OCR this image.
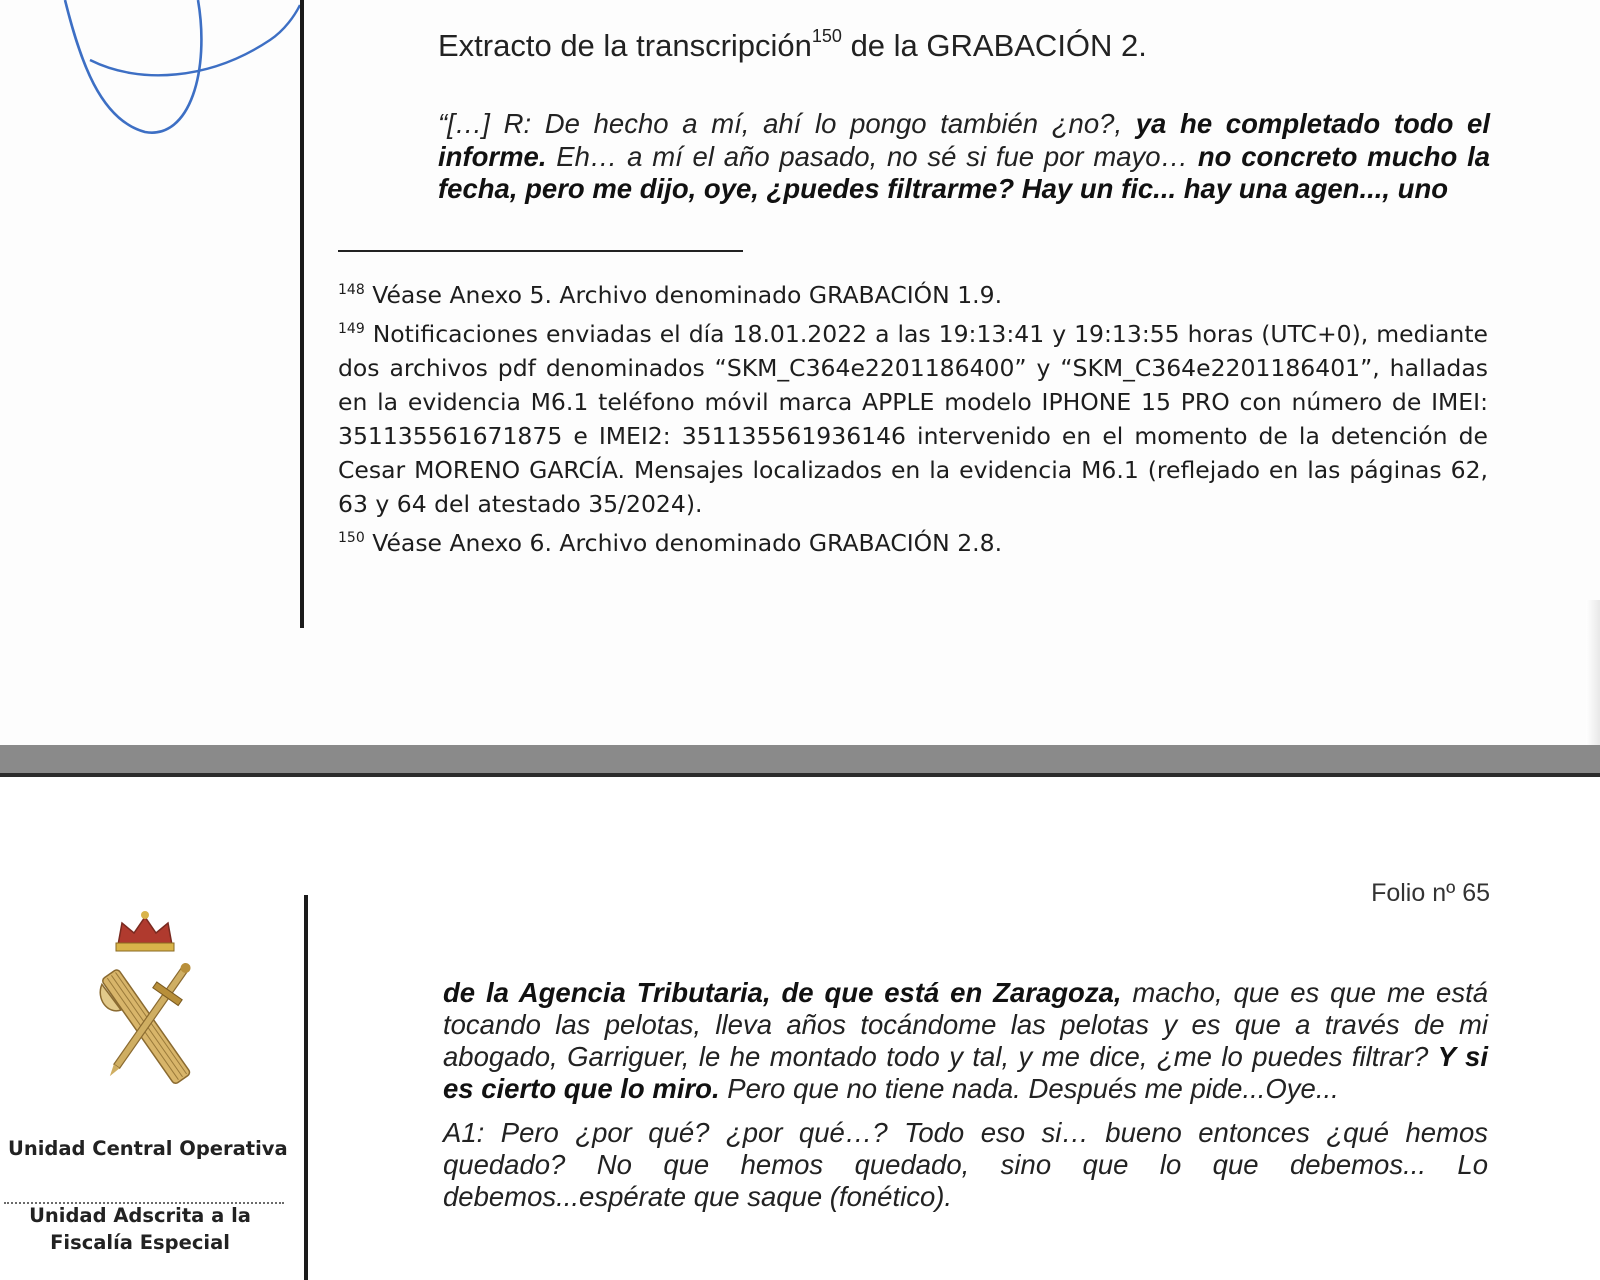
Extracto de la transcripción$^{150}$ de la GRABACIÓN 2.
“[…] R: De hecho a mí, ahí lo pongo también ¿no?, ya he completado todo el informe. Eh… a mí el año pasado, no sé si fue por mayo… no concreto mucho la fecha, pero me dijo, oye, ¿puedes filtrarme? Hay un fic... hay una agen..., uno

$^{148}$ Véase Anexo 5. Archivo denominado GRABACIÓN 1.9.

$^{149}$ Notificaciones enviadas el día 18.01.2022 a las 19:13:41 y 19:13:55 horas (UTC+0), mediante dos archivos pdf denominados “SKM_C364e2201186400” y “SKM_C364e2201186401”, halladas en la evidencia M6.1 teléfono móvil marca APPLE modelo IPHONE 15 PRO con número de IMEI: 351135561671875 e IMEI2: 351135561936146 intervenido en el momento de la detención de Cesar MORENO GARCÍA. Mensajes localizados en la evidencia M6.1 (reflejado en las páginas 62, 63 y 64 del atestado 35/2024).

$^{150}$ Véase Anexo 6. Archivo denominado GRABACIÓN 2.8.

Folio nº 65
Unidad Central Operativa
Unidad Adscrita a la
Fiscalía Especial

de la Agencia Tributaria, de que está en Zaragoza, macho, que es que me está tocando las pelotas, lleva años tocándome las pelotas y es que a través de mi abogado, Garriguer, le he montado todo y tal, y me dice, ¿me lo puedes filtrar? Y si es cierto que lo miro. Pero que no tiene nada. Después me pide...Oye...

A1: Pero ¿por qué? ¿por qué…? Todo eso si… bueno entonces ¿qué hemos quedado? No que hemos quedado, sino que lo que debemos... Lo debemos...espérate que saque (fonético).
